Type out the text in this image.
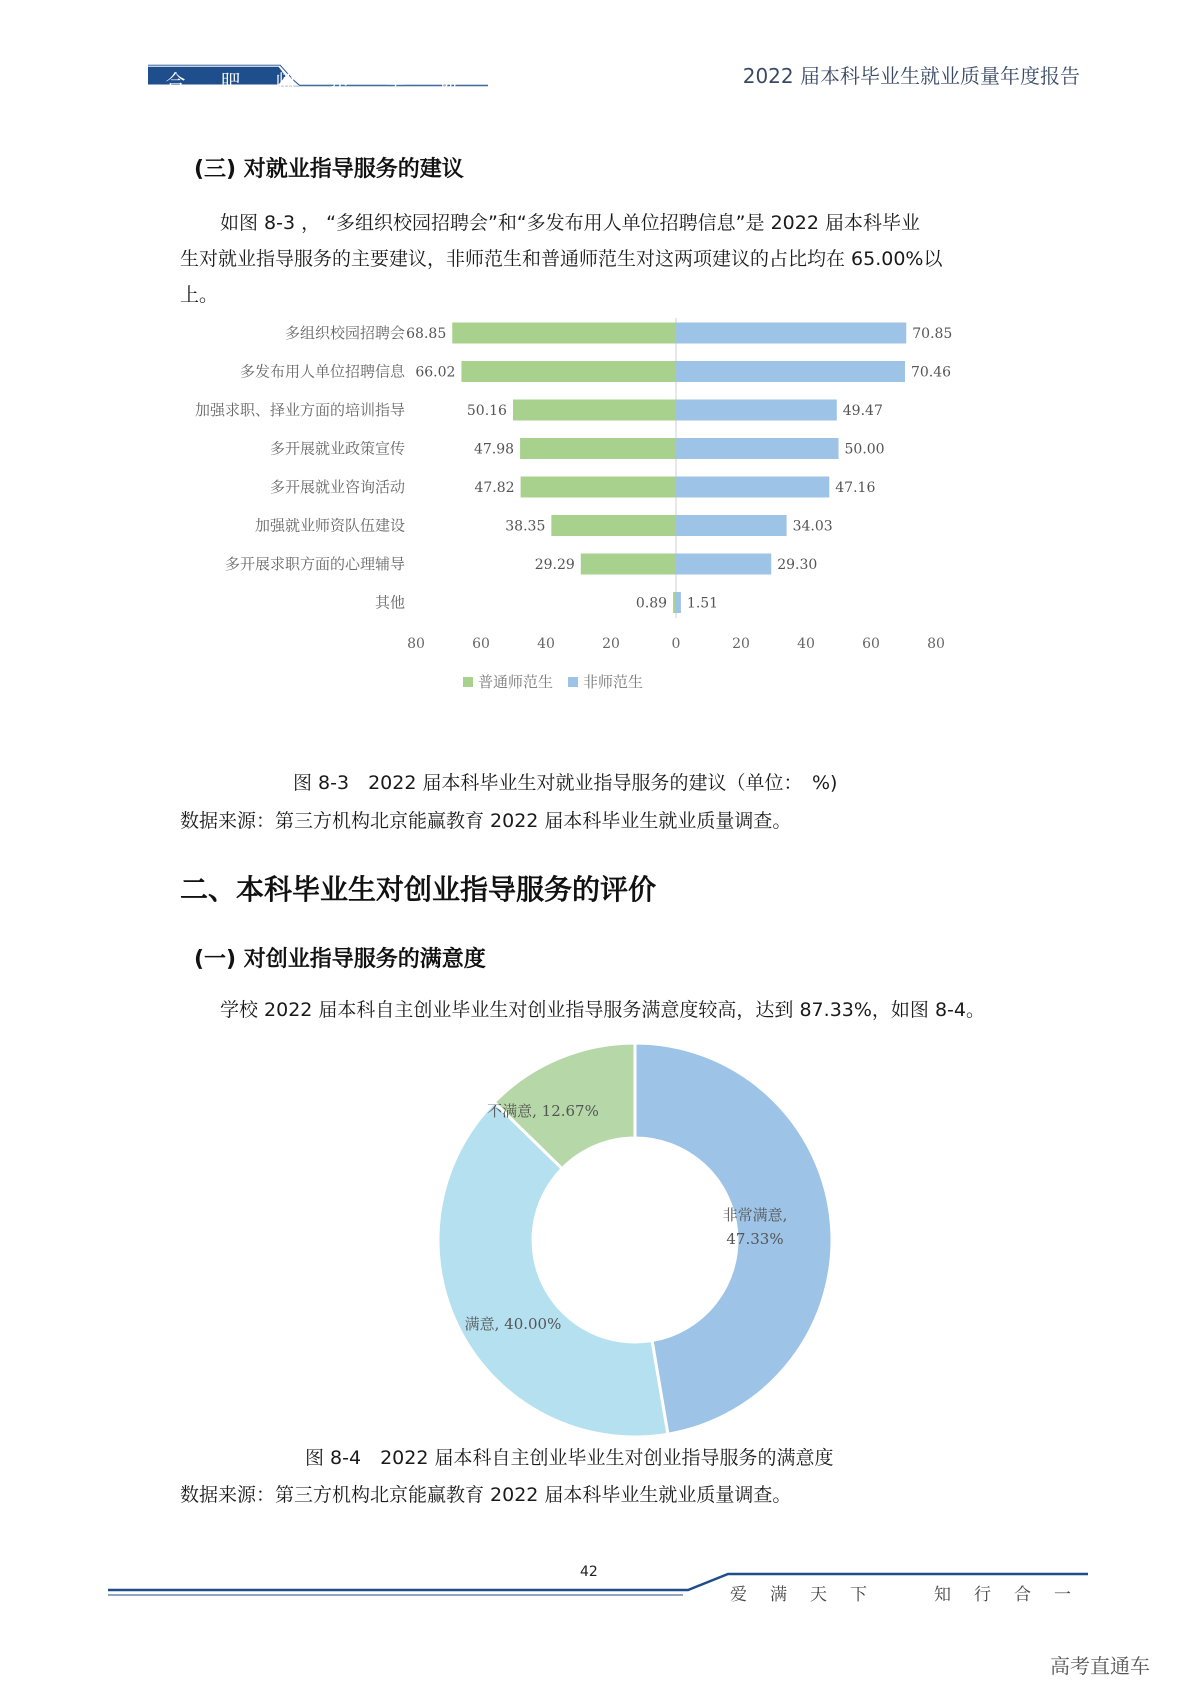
合	肥	师	范	学	院	2022 届本科毕业生就业质量年度报告
(三) 对就业指导服务的建议
如图 8-3 ， “多组织校园招聘会”和“多发布用人单位招聘信息”是 2022 届本科毕业
生对就业指导服务的主要建议，非师范生和普通师范生对这两项建议的占比均在 65.00%以
上。
多组织校园招聘会 68.85	70.85
多发布用人单位招聘信息 66.02	70.46
加强求职、择业方面的培训指导	50.16	49.47
多开展就业政策宣传	47.98	50.00
多开展就业咨询活动	47.82	47.16
加强就业师资队伍建设	38.35	34.03
多开展求职方面的心理辅导	29.29	29.30
其他	0.89 1.51
80	60	40	20	0	20	40	60	80
普通师范生 非师范生
图 8-3　2022 届本科毕业生对就业指导服务的建议（单位：　%)
数据来源：第三方机构北京能赢教育 2022 届本科毕业生就业质量调查。
二、本科毕业生对创业指导服务的评价
(一) 对创业指导服务的满意度
学校 2022 届本科自主创业毕业生对创业指导服务满意度较高，达到 87.33%，如图 8-4。
非常满意, 47.33%
满意, 40.00%
不满意, 12.67%
图 8-4　2022 届本科自主创业毕业生对创业指导服务的满意度
数据来源：第三方机构北京能赢教育 2022 届本科毕业生就业质量调查。
42
爱 满 天 下	知 行 合 一
高考直通车
